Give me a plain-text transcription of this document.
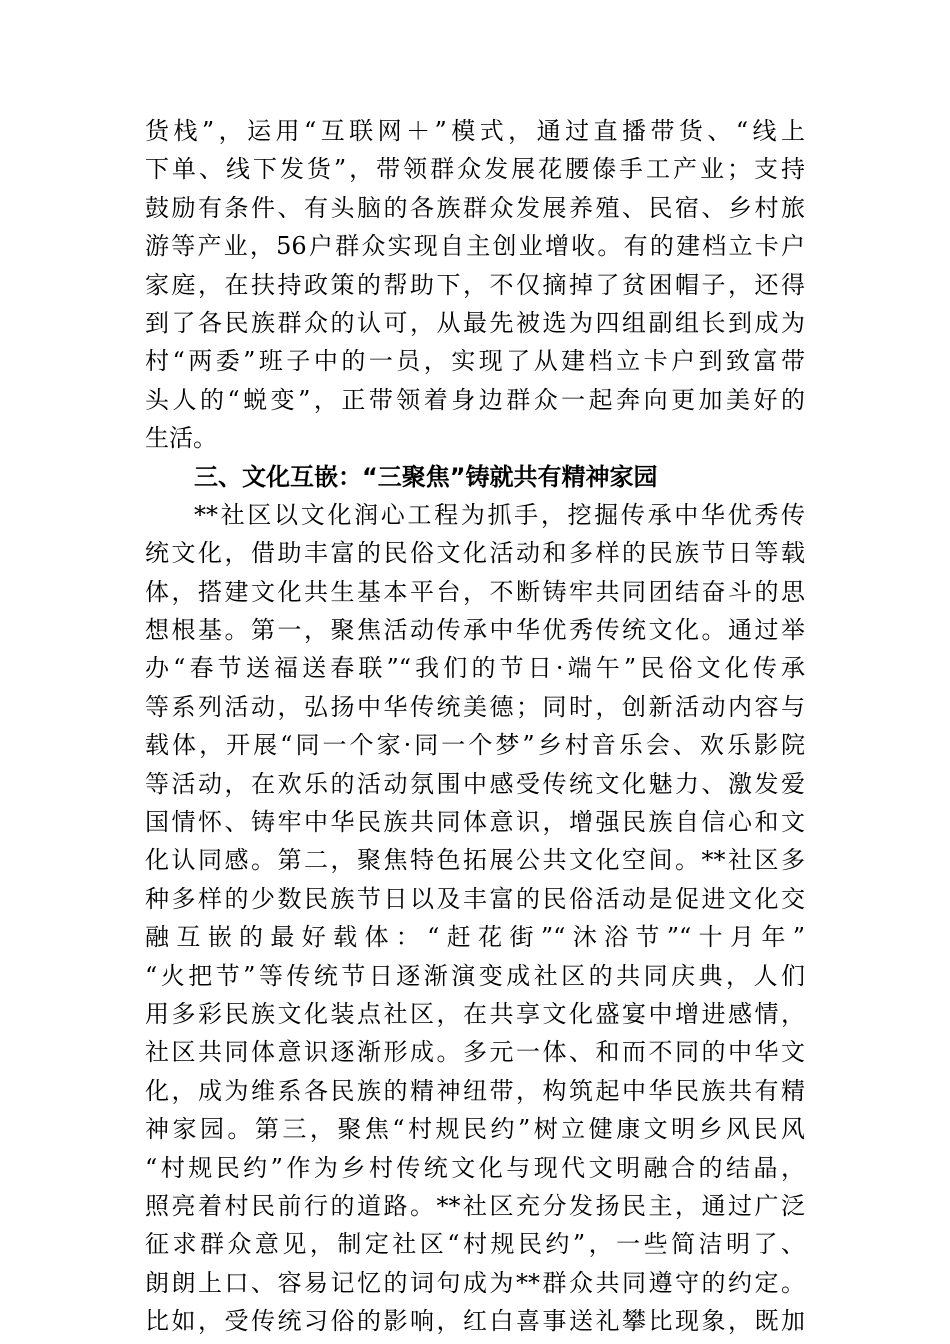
货栈”，运用“互联网＋”模式，通过直播带货、“线上
下单、线下发货”，带领群众发展花腰傣手工产业；支持
鼓励有条件、有头脑的各族群众发展养殖、民宿、乡村旅
游等产业，56户群众实现自主创业增收。有的建档立卡户
家庭，在扶持政策的帮助下，不仅摘掉了贫困帽子，还得
到了各民族群众的认可，从最先被选为四组副组长到成为
村“两委”班子中的一员，实现了从建档立卡户到致富带
头人的“蜕变”，正带领着身边群众一起奔向更加美好的
生活。
三、文化互嵌：“三聚焦”铸就共有精神家园
**社区以文化润心工程为抓手，挖掘传承中华优秀传
统文化，借助丰富的民俗文化活动和多样的民族节日等载
体，搭建文化共生基本平台，不断铸牢共同团结奋斗的思
想根基。第一，聚焦活动传承中华优秀传统文化。通过举
办“春节送福送春联”“我们的节日·端午”民俗文化传承
等系列活动，弘扬中华传统美德；同时，创新活动内容与
载体，开展“同一个家·同一个梦”乡村音乐会、欢乐影院
等活动，在欢乐的活动氛围中感受传统文化魅力、激发爱
国情怀、铸牢中华民族共同体意识，增强民族自信心和文
化认同感。第二，聚焦特色拓展公共文化空间。**社区多
种多样的少数民族节日以及丰富的民俗活动是促进文化交
融互嵌的最好载体：“赶花街”“沐浴节”“十月年”
“火把节”等传统节日逐渐演变成社区的共同庆典，人们
用多彩民族文化装点社区，在共享文化盛宴中增进感情，
社区共同体意识逐渐形成。多元一体、和而不同的中华文
化，成为维系各民族的精神纽带，构筑起中华民族共有精
神家园。第三，聚焦“村规民约”树立健康文明乡风民风
“村规民约”作为乡村传统文化与现代文明融合的结晶，
照亮着村民前行的道路。**社区充分发扬民主，通过广泛
征求群众意见，制定社区“村规民约”，一些简洁明了、
朗朗上口、容易记忆的词句成为**群众共同遵守的约定。
比如，受传统习俗的影响，红白喜事送礼攀比现象，既加
